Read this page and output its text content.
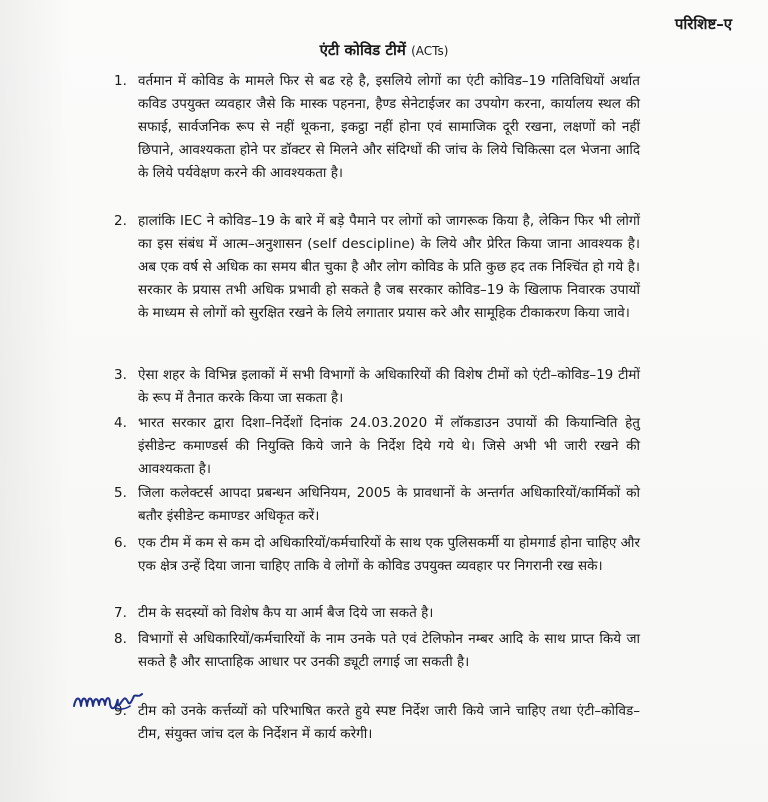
परिशिष्ट–ए
एंटी कोविड टीमें (ACTs)
1. वर्तमान में कोविड के मामले फिर से बढ रहे है, इसलिये लोगों का एंटी कोविड–19 गतिविधियों अर्थात कविड उपयुक्त व्यवहार जैसे कि मास्क पहनना, हैण्ड सेनेटाईजर का उपयोग करना, कार्यालय स्थल की सफाई, सार्वजनिक रूप से नहीं थूकना, इकट्ठा नहीं होना एवं सामाजिक दूरी रखना, लक्षणों को नहीं छिपाने, आवश्यकता होने पर डॉक्टर से मिलने और संदिग्धों की जांच के लिये चिकित्सा दल भेजना आदि के लिये पर्यवेक्षण करने की आवश्यकता है।
2. हालांकि IEC ने कोविड–19 के बारे में बड़े पैमाने पर लोगों को जागरूक किया है, लेकिन फिर भी लोगों का इस संबंध में आत्म–अनुशासन (self descipline) के लिये और प्रेरित किया जाना आवश्यक है। अब एक वर्ष से अधिक का समय बीत चुका है और लोग कोविड के प्रति कुछ हद तक निश्चिंत हो गये है। सरकार के प्रयास तभी अधिक प्रभावी हो सकते है जब सरकार कोविड–19 के खिलाफ निवारक उपायों के माध्यम से लोगों को सुरक्षित रखने के लिये लगातार प्रयास करे और सामूहिक टीकाकरण किया जावे।
3. ऐसा शहर के विभिन्न इलाकों में सभी विभागों के अधिकारियों की विशेष टीमों को एंटी–कोविड–19 टीमों के रूप में तैनात करके किया जा सकता है।
4. भारत सरकार द्वारा दिशा–निर्देशों दिनांक 24.03.2020 में लॉकडाउन उपायों की कियान्विति हेतु इंसीडेन्ट कमाण्डर्स की नियुक्ति किये जाने के निर्देश दिये गये थे। जिसे अभी भी जारी रखने की आवश्यकता है।
5. जिला कलेक्टर्स आपदा प्रबन्धन अधिनियम, 2005 के प्रावधानों के अन्तर्गत अधिकारियों/कार्मिकों को बतौर इंसीडेन्ट कमाण्डर अधिकृत करें।
6. एक टीम में कम से कम दो अधिकारियों/कर्मचारियों के साथ एक पुलिसकर्मी या होमगार्ड होना चाहिए और एक क्षेत्र उन्हें दिया जाना चाहिए ताकि वे लोगों के कोविड उपयुक्त व्यवहार पर निगरानी रख सके।
7. टीम के सदस्यों को विशेष कैप या आर्म बैज दिये जा सकते है।
8. विभागों से अधिकारियों/कर्मचारियों के नाम उनके पते एवं टेलिफोन नम्बर आदि के साथ प्राप्त किये जा सकते है और साप्ताहिक आधार पर उनकी ड्यूटी लगाई जा सकती है।
9. टीम को उनके कर्त्तव्यों को परिभाषित करते हुये स्पष्ट निर्देश जारी किये जाने चाहिए तथा एंटी–कोविड–टीम, संयुक्त जांच दल के निर्देशन में कार्य करेगी।
